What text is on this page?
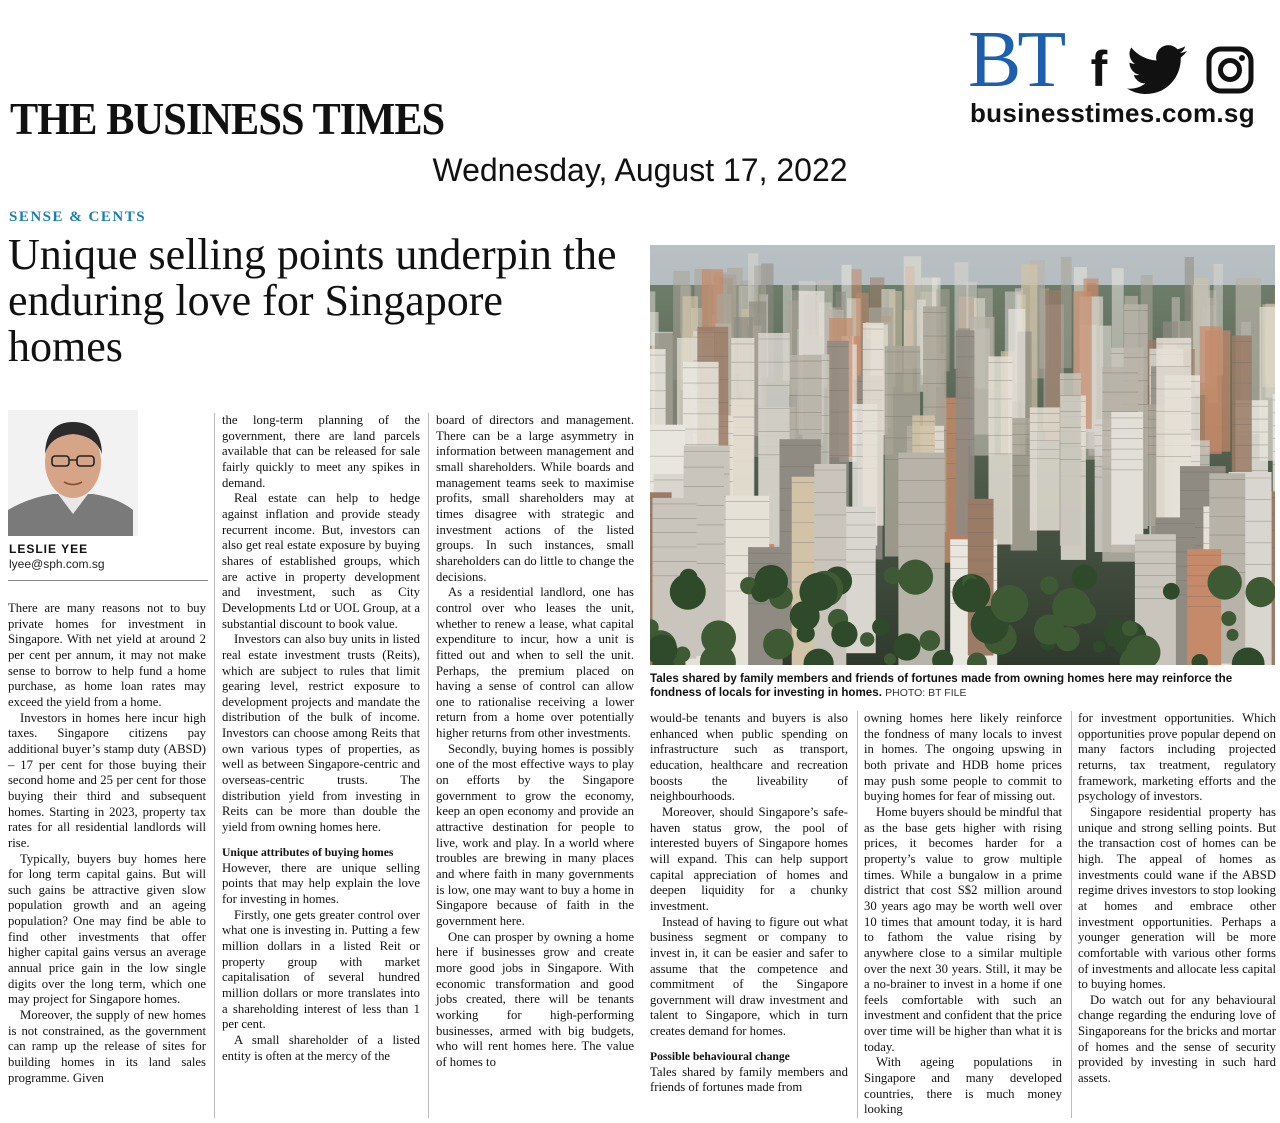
THE BUSINESS TIMES
Wednesday, August 17, 2022
BT f
businesstimes.com.sg
SENSE & CENTS
Unique selling points underpin the enduring love for Singapore homes
Tales shared by family members and friends of fortunes made from owning homes here may reinforce the fondness of locals for investing in homes. PHOTO: BT FILE
LESLIE YEE
lyee@sph.com.sg

There are many reasons not to buy private homes for investment in Singapore. With net yield at around 2 per cent per annum, it may not make sense to borrow to help fund a home purchase, as home loan rates may exceed the yield from a home.

Investors in homes here incur high taxes. Singapore citizens pay additional buyer’s stamp duty (ABSD) – 17 per cent for those buying their second home and 25 per cent for those buying their third and subsequent homes. Starting in 2023, property tax rates for all residential landlords will rise.

Typically, buyers buy homes here for long term capital gains. But will such gains be attractive given slow population growth and an ageing population? One may find be able to find other investments that offer higher capital gains versus an average annual price gain in the low single digits over the long term, which one may project for Singapore homes.

Moreover, the supply of new homes is not constrained, as the government can ramp up the release of sites for building homes in its land sales programme. Given

the long-term planning of the government, there are land parcels available that can be released for sale fairly quickly to meet any spikes in demand.

Real estate can help to hedge against inflation and provide steady recurrent income. But, investors can also get real estate exposure by buying shares of established groups, which are active in property development and investment, such as City Developments Ltd or UOL Group, at a substantial discount to book value.

Investors can also buy units in listed real estate investment trusts (Reits), which are subject to rules that limit gearing level, restrict exposure to development projects and mandate the distribution of the bulk of income. Investors can choose among Reits that own various types of properties, as well as between Singapore-centric and overseas-centric trusts. The distribution yield from investing in Reits can be more than double the yield from owning homes here.

Unique attributes of buying homes

However, there are unique selling points that may help explain the love for investing in homes.

Firstly, one gets greater control over what one is investing in. Putting a few million dollars in a listed Reit or property group with market capitalisation of several hundred million dollars or more translates into a shareholding interest of less than 1 per cent.

A small shareholder of a listed entity is often at the mercy of the

board of directors and management. There can be a large asymmetry in information between management and small shareholders. While boards and management teams seek to maximise profits, small shareholders may at times disagree with strategic and investment actions of the listed groups. In such instances, small shareholders can do little to change the decisions.

As a residential landlord, one has control over who leases the unit, whether to renew a lease, what capital expenditure to incur, how a unit is fitted out and when to sell the unit. Perhaps, the premium placed on having a sense of control can allow one to rationalise receiving a lower return from a home over potentially higher returns from other investments.

Secondly, buying homes is possibly one of the most effective ways to play on efforts by the Singapore government to grow the economy, keep an open economy and provide an attractive destination for people to live, work and play. In a world where troubles are brewing in many places and where faith in many governments is low, one may want to buy a home in Singapore because of faith in the government here.

One can prosper by owning a home here if businesses grow and create more good jobs in Singapore. With economic transformation and good jobs created, there will be tenants working for high-performing businesses, armed with big budgets, who will rent homes here. The value of homes to

would-be tenants and buyers is also enhanced when public spending on infrastructure such as transport, education, healthcare and recreation boosts the liveability of neighbourhoods.

Moreover, should Singapore’s safe-haven status grow, the pool of interested buyers of Singapore homes will expand. This can help support capital appreciation of homes and deepen liquidity for a chunky investment.

Instead of having to figure out what business segment or company to invest in, it can be easier and safer to assume that the competence and commitment of the Singapore government will draw investment and talent to Singapore, which in turn creates demand for homes.

Possible behavioural change

Tales shared by family members and friends of fortunes made from

owning homes here likely reinforce the fondness of many locals to invest in homes. The ongoing upswing in both private and HDB home prices may push some people to commit to buying homes for fear of missing out.

Home buyers should be mindful that as the base gets higher with rising prices, it becomes harder for a property’s value to grow multiple times. While a bungalow in a prime district that cost S$2 million around 30 years ago may be worth well over 10 times that amount today, it is hard to fathom the value rising by anywhere close to a similar multiple over the next 30 years. Still, it may be a no-brainer to invest in a home if one feels comfortable with such an investment and confident that the price over time will be higher than what it is today.

With ageing populations in Singapore and many developed countries, there is much money looking

for investment opportunities. Which opportunities prove popular depend on many factors including projected returns, tax treatment, regulatory framework, marketing efforts and the psychology of investors.

Singapore residential property has unique and strong selling points. But the transaction cost of homes can be high. The appeal of homes as investments could wane if the ABSD regime drives investors to stop looking at homes and embrace other investment opportunities. Perhaps a younger generation will be more comfortable with various other forms of investments and allocate less capital to buying homes.

Do watch out for any behavioural change regarding the enduring love of Singaporeans for the bricks and mortar of homes and the sense of security provided by investing in such hard assets.
